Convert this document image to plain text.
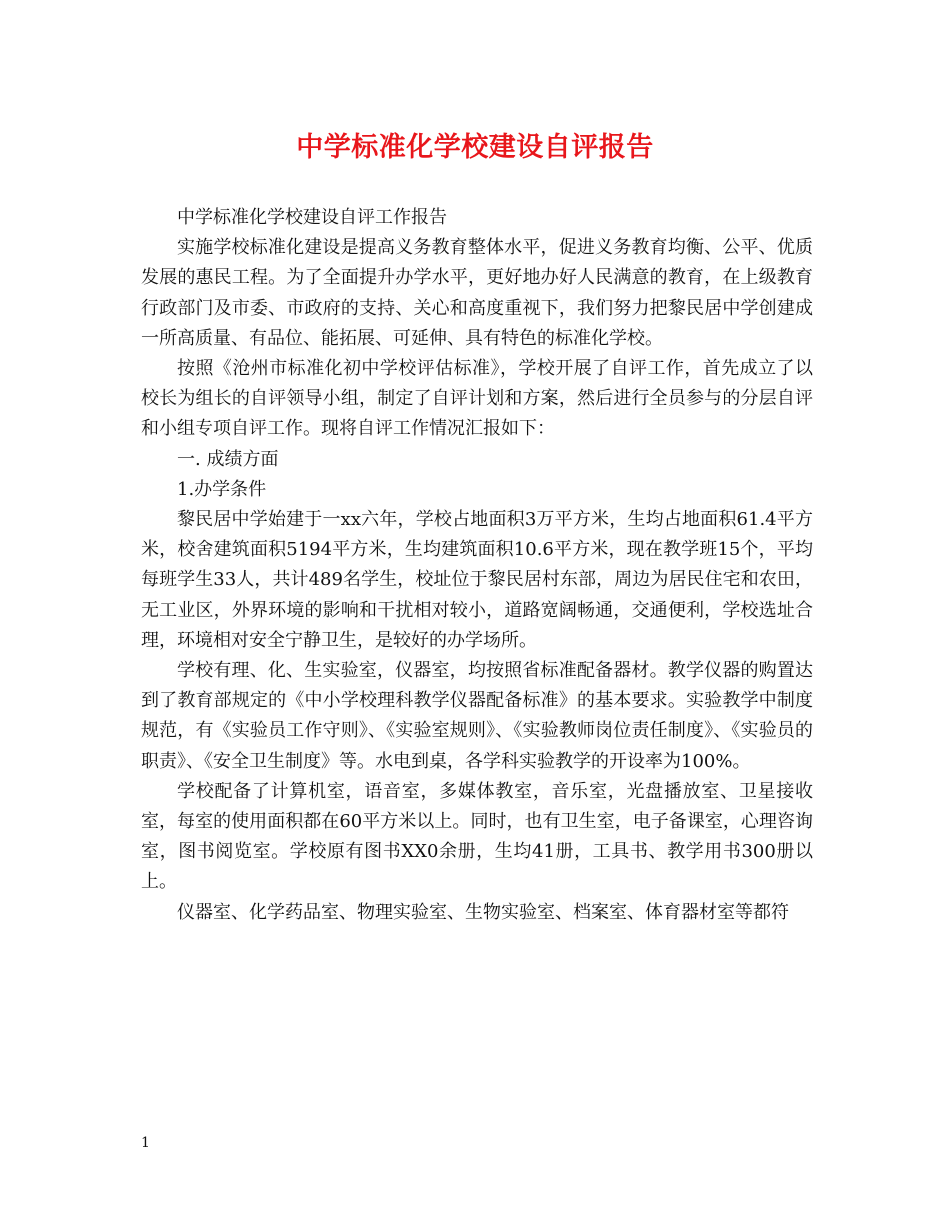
中学标准化学校建设自评报告

中学标准化学校建设自评工作报告

实施学校标准化建设是提高义务教育整体水平，促进义务教育均衡、公平、优质发展的惠民工程。为了全面提升办学水平，更好地办好人民满意的教育，在上级教育行政部门及市委、市政府的支持、关心和高度重视下，我们努力把黎民居中学创建成一所高质量、有品位、能拓展、可延伸、具有特色的标准化学校。

按照《沧州市标准化初中学校评估标准》，学校开展了自评工作，首先成立了以校长为组长的自评领导小组，制定了自评计划和方案，然后进行全员参与的分层自评和小组专项自评工作。现将自评工作情况汇报如下：

一. 成绩方面

1.办学条件

黎民居中学始建于一xx六年，学校占地面积3万平方米，生均占地面积61.4平方米，校舍建筑面积5194平方米，生均建筑面积10.6平方米，现在教学班15个，平均每班学生33人，共计489名学生，校址位于黎民居村东部，周边为居民住宅和农田，无工业区，外界环境的影响和干扰相对较小，道路宽阔畅通，交通便利，学校选址合理，环境相对安全宁静卫生，是较好的办学场所。

学校有理、化、生实验室，仪器室，均按照省标准配备器材。教学仪器的购置达到了教育部规定的《中小学校理科教学仪器配备标准》的基本要求。实验教学中制度规范，有《实验员工作守则》、《实验室规则》、《实验教师岗位责任制度》、《实验员的职责》、《安全卫生制度》等。水电到桌，各学科实验教学的开设率为100%。

学校配备了计算机室，语音室，多媒体教室，音乐室，光盘播放室、卫星接收室，每室的使用面积都在60平方米以上。同时，也有卫生室，电子备课室，心理咨询室，图书阅览室。学校原有图书XX0余册，生均41册，工具书、教学用书300册以上。

仪器室、化学药品室、物理实验室、生物实验室、档案室、体育器材室等都符

1
